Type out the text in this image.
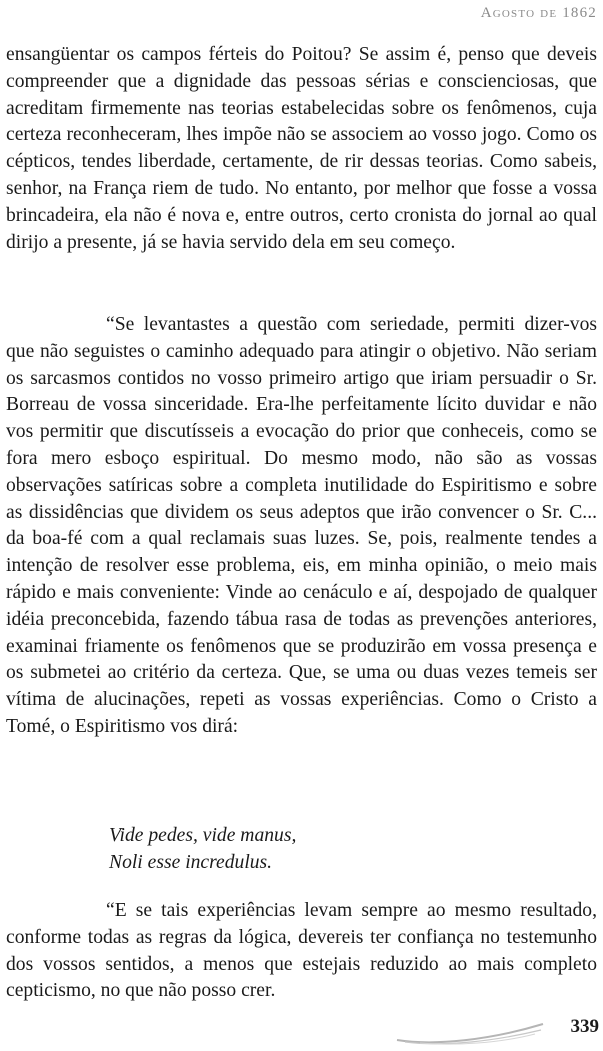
Agosto de 1862

ensangüentar os campos férteis do Poitou? Se assim é, penso que deveis compreender que a dignidade das pessoas sérias e conscienciosas, que acreditam firmemente nas teorias estabelecidas sobre os fenômenos, cuja certeza reconheceram, lhes impõe não se associem ao vosso jogo. Como os cépticos, tendes liberdade, certamente, de rir dessas teorias. Como sabeis, senhor, na França riem de tudo. No entanto, por melhor que fosse a vossa brincadeira, ela não é nova e, entre outros, certo cronista do jornal ao qual dirijo a presente, já se havia servido dela em seu começo.

“Se levantastes a questão com seriedade, permiti dizer-vos que não seguistes o caminho adequado para atingir o objetivo. Não seriam os sarcasmos contidos no vosso primeiro artigo que iriam persuadir o Sr. Borreau de vossa sinceridade. Era-lhe perfeitamente lícito duvidar e não vos permitir que discutísseis a evocação do prior que conheceis, como se fora mero esboço espiritual. Do mesmo modo, não são as vossas observações satíricas sobre a completa inutilidade do Espiritismo e sobre as dissidências que dividem os seus adeptos que irão convencer o Sr. C... da boa-fé com a qual reclamais suas luzes. Se, pois, realmente tendes a intenção de resolver esse problema, eis, em minha opinião, o meio mais rápido e mais conveniente: Vinde ao cenáculo e aí, despojado de qualquer idéia preconcebida, fazendo tábua rasa de todas as prevenções anteriores, examinai friamente os fenômenos que se produzirão em vossa presença e os submetei ao critério da certeza. Que, se uma ou duas vezes temeis ser vítima de alucinações, repeti as vossas experiências. Como o Cristo a Tomé, o Espiritismo vos dirá:

Vide pedes, vide manus,
Noli esse incredulus.

“E se tais experiências levam sempre ao mesmo resultado, conforme todas as regras da lógica, devereis ter confiança no testemunho dos vossos sentidos, a menos que estejais reduzido ao mais completo cepticismo, no que não posso crer.

339
